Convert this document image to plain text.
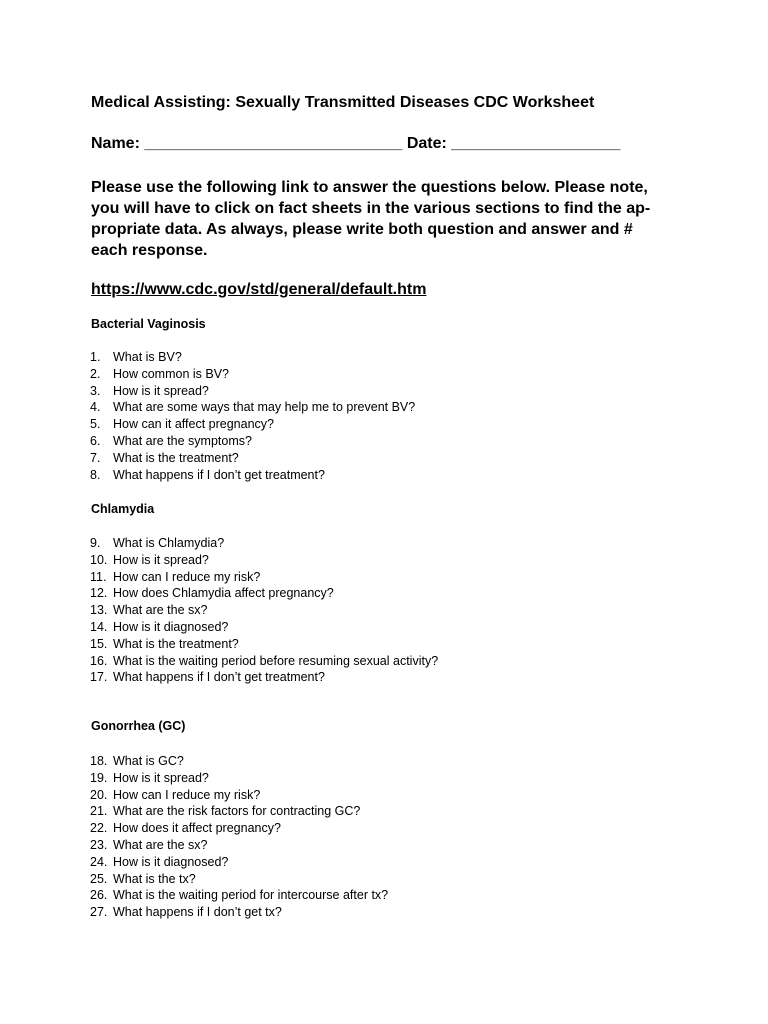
Medical Assisting: Sexually Transmitted Diseases CDC Worksheet
Name: _____________________________ Date: ___________________
Please use the following link to answer the questions below. Please note,
you will have to click on fact sheets in the various sections to find the ap-
propriate data. As always, please write both question and answer and #
each response.
https://www.cdc.gov/std/general/default.htm
Bacterial Vaginosis
1.	What is BV?
2.	How common is BV?
3.	How is it spread?
4.	What are some ways that may help me to prevent BV?
5.	How can it affect pregnancy?
6.	What are the symptoms?
7.	What is the treatment?
8.	What happens if I don’t get treatment?
Chlamydia
9.	What is Chlamydia?
10. How is it spread?
11. How can I reduce my risk?
12. How does Chlamydia affect pregnancy?
13. What are the sx?
14. How is it diagnosed?
15. What is the treatment?
16. What is the waiting period before resuming sexual activity?
17. What happens if I don’t get treatment?
Gonorrhea (GC)
18. What is GC?
19. How is it spread?
20. How can I reduce my risk?
21. What are the risk factors for contracting GC?
22. How does it affect pregnancy?
23. What are the sx?
24. How is it diagnosed?
25. What is the tx?
26. What is the waiting period for intercourse after tx?
27. What happens if I don’t get tx?
